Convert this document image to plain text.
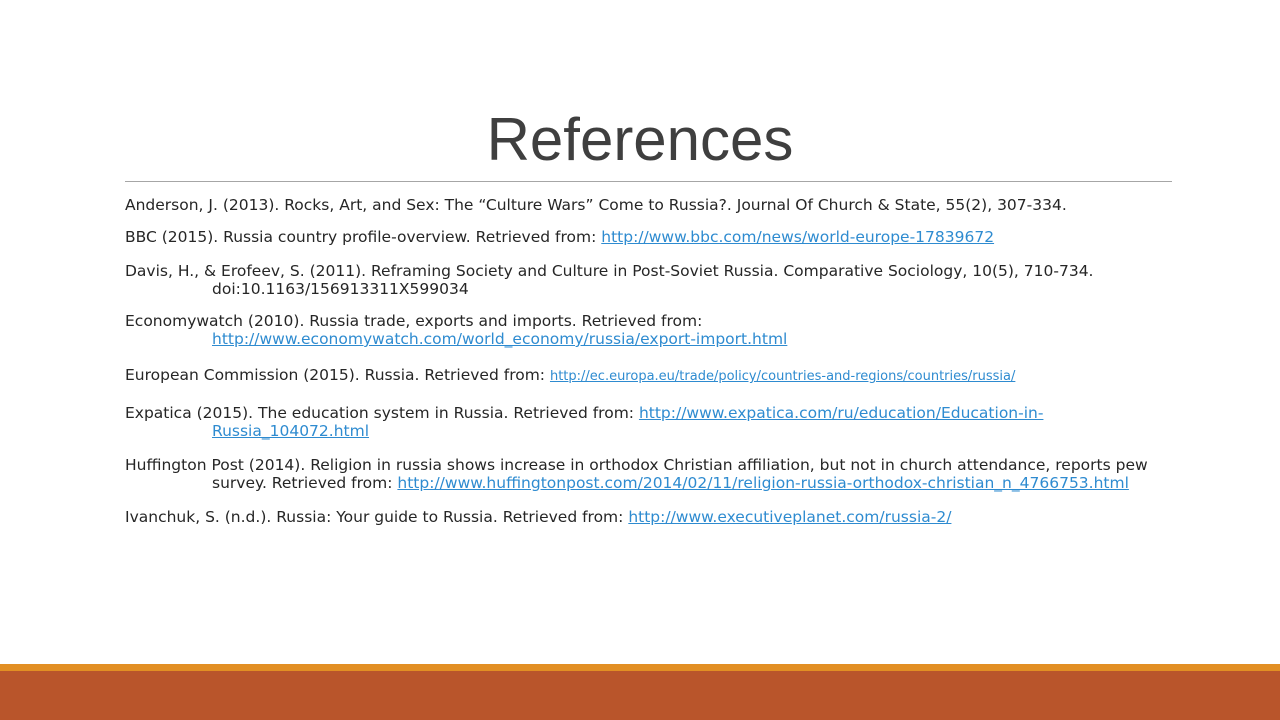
References

Anderson, J. (2013). Rocks, Art, and Sex: The “Culture Wars” Come to Russia?. Journal Of Church & State, 55(2), 307-334.

BBC (2015). Russia country profile-overview. Retrieved from: http://www.bbc.com/news/world-europe-17839672

Davis, H., & Erofeev, S. (2011). Reframing Society and Culture in Post-Soviet Russia. Comparative Sociology, 10(5), 710-734. doi:10.1163/156913311X599034

Economywatch (2010). Russia trade, exports and imports. Retrieved from: http://www.economywatch.com/world_economy/russia/export-import.html

European Commission (2015). Russia. Retrieved from: http://ec.europa.eu/trade/policy/countries-and-regions/countries/russia/

Expatica (2015). The education system in Russia. Retrieved from: http://www.expatica.com/ru/education/Education-in-Russia_104072.html

Huffington Post (2014). Religion in russia shows increase in orthodox Christian affiliation, but not in church attendance, reports pew survey. Retrieved from: http://www.huffingtonpost.com/2014/02/11/religion-russia-orthodox-christian_n_4766753.html

Ivanchuk, S. (n.d.). Russia: Your guide to Russia. Retrieved from: http://www.executiveplanet.com/russia-2/
